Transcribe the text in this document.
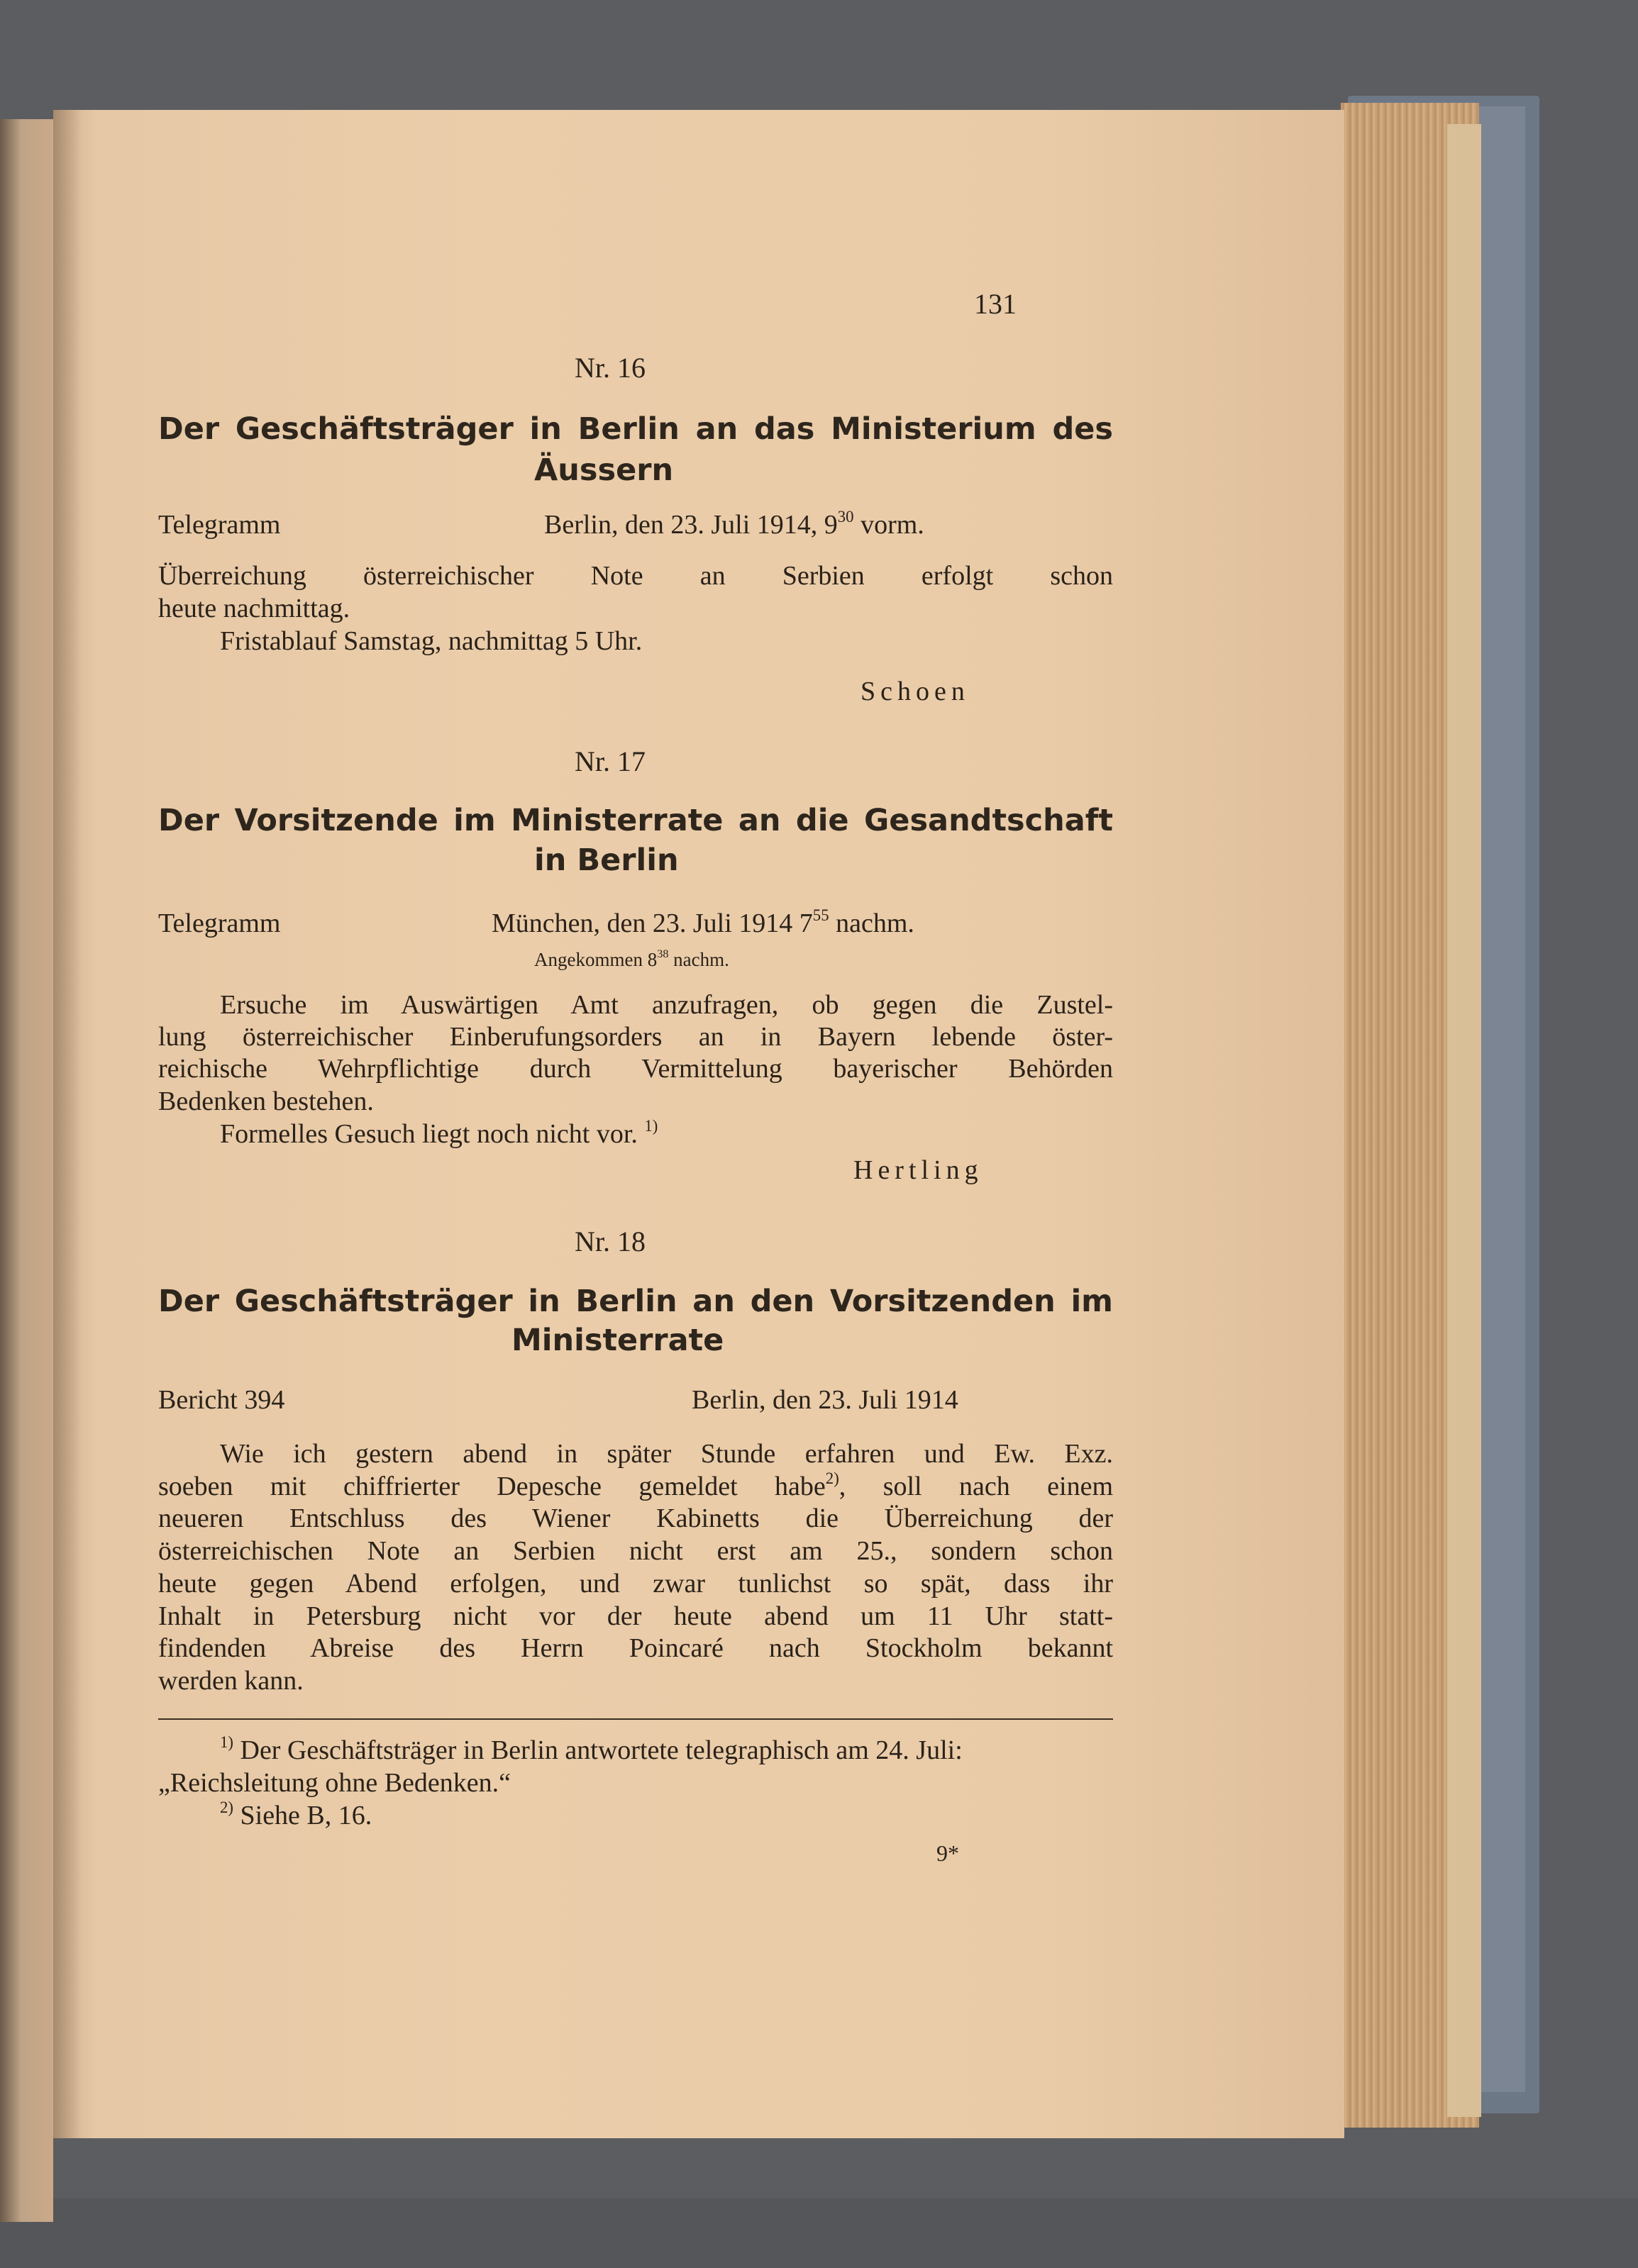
131
Nr. 16
Der Geschäftsträger in Berlin an das Ministerium des
Äussern
Telegramm	Berlin, den 23. Juli 1914, $9^{30}$ vorm.
Überreichung österreichischer Note an Serbien erfolgt schon
heute nachmittag.
Fristablauf Samstag, nachmittag 5 Uhr.
Schoen
Nr. 17
Der Vorsitzende im Ministerrate an die Gesandtschaft
in Berlin
Telegramm	München, den 23. Juli 1914 $7^{55}$ nachm.
Angekommen $8^{38}$ nachm.
Ersuche im Auswärtigen Amt anzufragen, ob gegen die Zustel-
lung österreichischer Einberufungsorders an in Bayern lebende öster-
reichische Wehrpflichtige durch Vermittelung bayerischer Behörden
Bedenken bestehen.
Formelles Gesuch liegt noch nicht vor. $^{1)}$
Hertling
Nr. 18
Der Geschäftsträger in Berlin an den Vorsitzenden im
Ministerrate
Bericht 394	Berlin, den 23. Juli 1914
Wie ich gestern abend in später Stunde erfahren und Ew. Exz.
soeben mit chiffrierter Depesche gemeldet habe$^{2)}$, soll nach einem
neueren Entschluss des Wiener Kabinetts die Überreichung der
österreichischen Note an Serbien nicht erst am 25., sondern schon
heute gegen Abend erfolgen, und zwar tunlichst so spät, dass ihr
Inhalt in Petersburg nicht vor der heute abend um 11 Uhr statt-
findenden Abreise des Herrn Poincaré nach Stockholm bekannt
werden kann.
$^{1)}$ Der Geschäftsträger in Berlin antwortete telegraphisch am 24. Juli:
„Reichsleitung ohne Bedenken.“
$^{2)}$ Siehe B, 16.
9*
